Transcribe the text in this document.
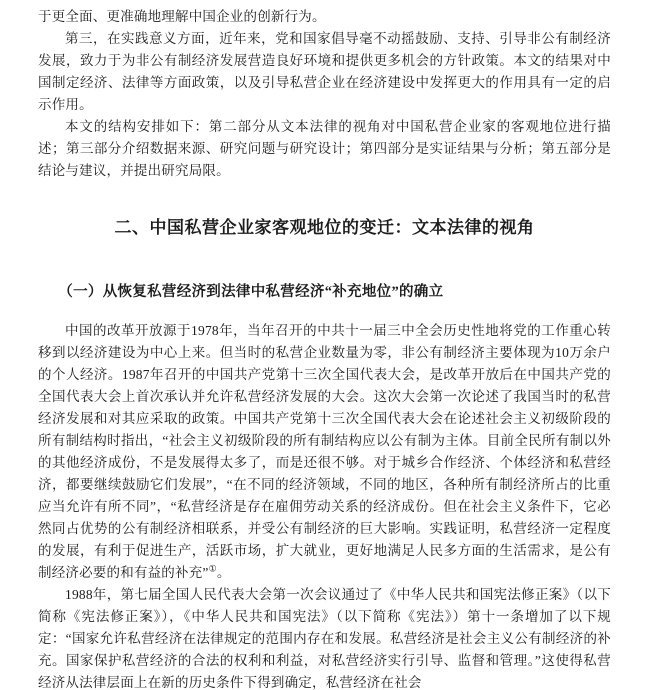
于更全面、更准确地理解中国企业的创新行为。

第三，在实践意义方面，近年来，党和国家倡导毫不动摇鼓励、支持、引导非公有制经济发展，致力于为非公有制经济发展营造良好环境和提供更多机会的方针政策。本文的结果对中国制定经济、法律等方面政策，以及引导私营企业在经济建设中发挥更大的作用具有一定的启示作用。

本文的结构安排如下：第二部分从文本法律的视角对中国私营企业家的客观地位进行描述；第三部分介绍数据来源、研究问题与研究设计；第四部分是实证结果与分析；第五部分是结论与建议，并提出研究局限。

二、中国私营企业家客观地位的变迁：文本法律的视角
（一）从恢复私营经济到法律中私营经济“补充地位”的确立

中国的改革开放源于1978年，当年召开的中共十一届三中全会历史性地将党的工作重心转移到以经济建设为中心上来。但当时的私营企业数量为零，非公有制经济主要体现为10万余户的个人经济。1987年召开的中国共产党第十三次全国代表大会，是改革开放后在中国共产党的全国代表大会上首次承认并允许私营经济发展的大会。这次大会第一次论述了我国当时的私营经济发展和对其应采取的政策。中国共产党第十三次全国代表大会在论述社会主义初级阶段的所有制结构时指出，“社会主义初级阶段的所有制结构应以公有制为主体。目前全民所有制以外的其他经济成份，不是发展得太多了，而是还很不够。对于城乡合作经济、个体经济和私营经济，都要继续鼓励它们发展”，“在不同的经济领域，不同的地区，各种所有制经济所占的比重应当允许有所不同”，“私营经济是存在雇佣劳动关系的经济成份。但在社会主义条件下，它必然同占优势的公有制经济相联系，并受公有制经济的巨大影响。实践证明，私营经济一定程度的发展，有利于促进生产，活跃市场，扩大就业，更好地满足人民多方面的生活需求，是公有制经济必要的和有益的补充”①。

1988年，第七届全国人民代表大会第一次会议通过了《中华人民共和国宪法修正案》（以下简称《宪法修正案》），《中华人民共和国宪法》（以下简称《宪法》）第十一条增加了以下规定：“国家允许私营经济在法律规定的范围内存在和发展。私营经济是社会主义公有制经济的补充。国家保护私营经济的合法的权利和利益，对私营经济实行引导、监督和管理。”这使得私营经济从法律层面上在新的历史条件下得到确定，私营经济在社会
